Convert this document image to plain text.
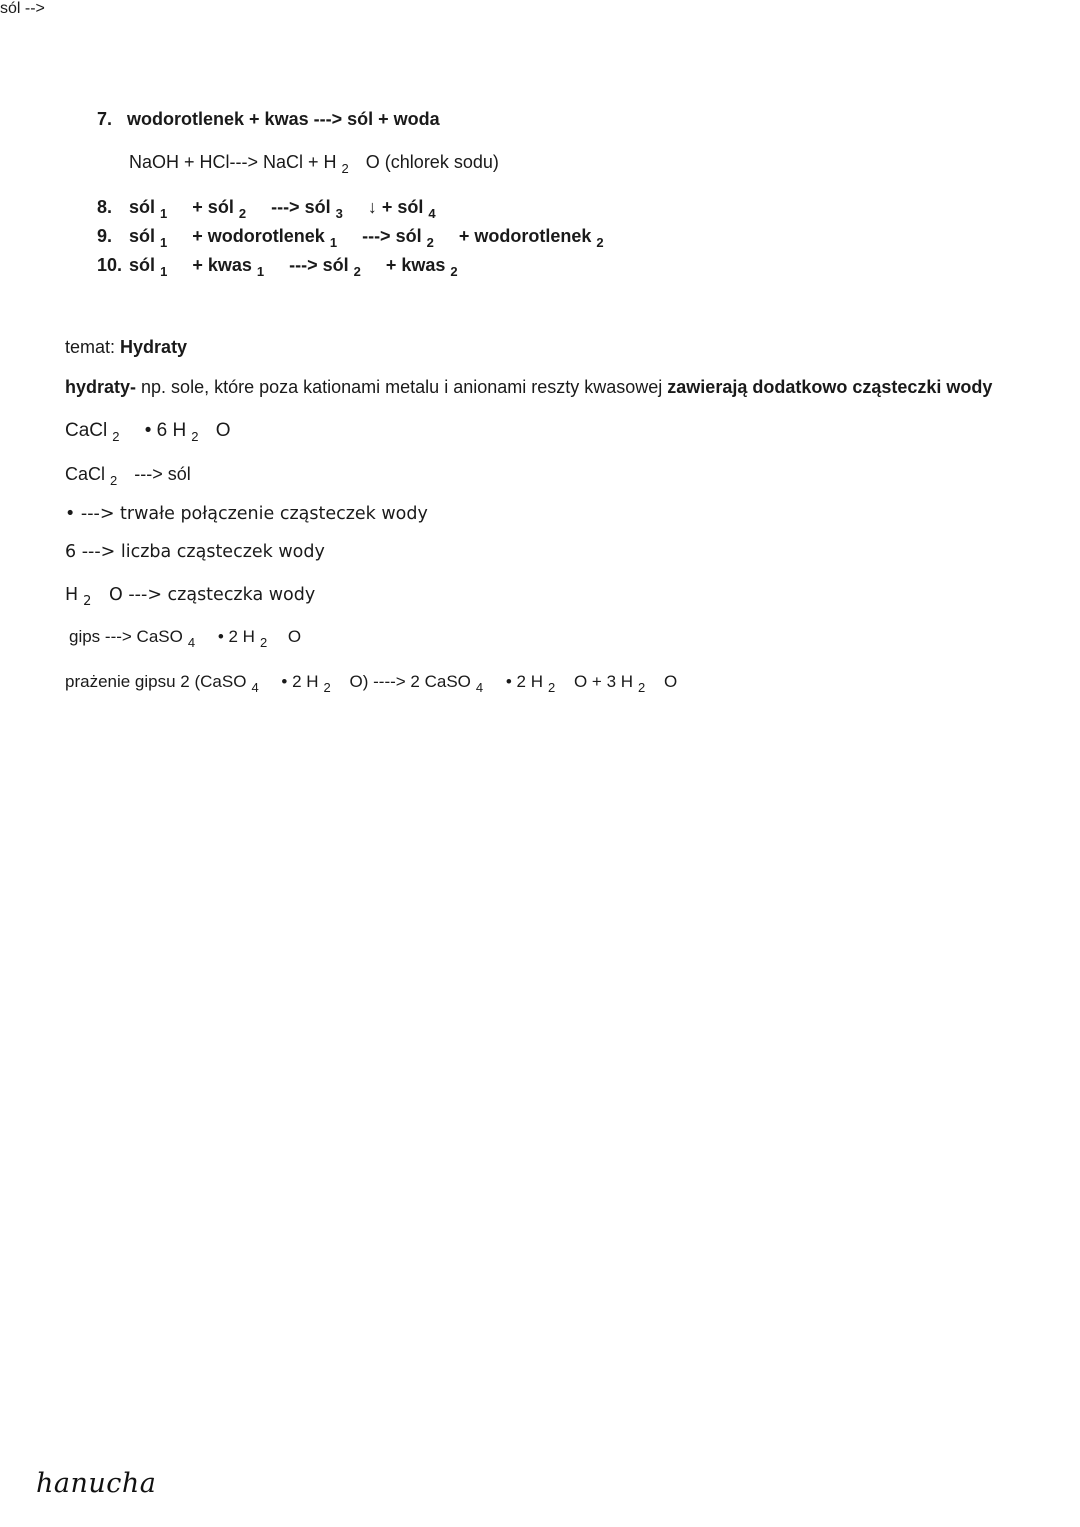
7. wodorotlenek + kwas ---> sól + woda
NaOH + HCl---> NaCl + H $_2$ O (chlorek sodu)
8. sól $_1$ + sól $_2$ ---> sól $_3$ ↓ + sól $_4$
9. sól $_1$ + wodorotlenek $_1$ ---> sól $_2$ + wodorotlenek $_2$
10. sól $_1$ + kwas $_1$ ---> sól $_2$ + kwas $_2$
temat: Hydraty
hydraty- np. sole, które poza kationami metalu i anionami reszty kwasowej zawierają dodatkowo cząsteczki wody
CaCl $_2$ • 6 H $_2$ O
sól -->
CaCl $_2$ ---> sól
• ---> trwałe połączenie cząsteczek wody
6 ---> liczba cząsteczek wody
H $_2$ O ---> cząsteczka wody
gips ---> CaSO $_4$ • 2 H $_2$ O
prażenie gipsu 2 (CaSO $_4$ • 2 H $_2$ O) ----> 2 CaSO $_4$ • 2 H $_2$ O + 3 H $_2$ O
hanucha
